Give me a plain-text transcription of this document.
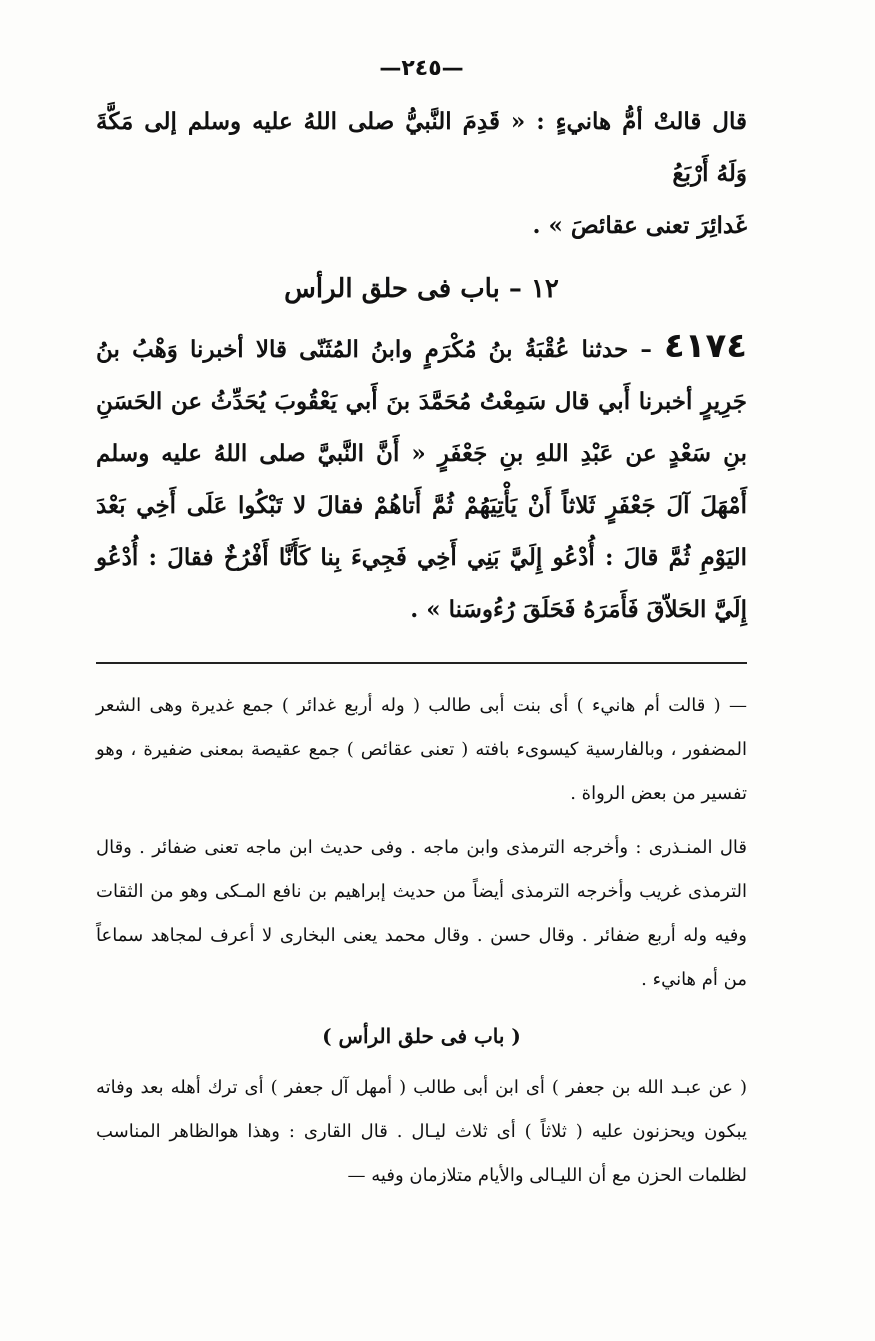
—٢٤٥—

قال قالتْ أمُّ هانيءٍ : « قَدِمَ النَّبيُّ صلى اللهُ عليه وسلم إلى مَكَّةَ وَلَهُ أَرْبَعُ

غَدائِرَ تعنى عقائصَ » .

١٢ – باب فى حلق الرأس

٤١٧٤ – حدثنا عُقْبَةُ بنُ مُكْرَمٍ وابنُ المُثَنّى قالا أخبرنا وَهْبُ بنُ جَرِيرٍ أخبرنا أَبي قال سَمِعْتُ مُحَمَّدَ بنَ أَبي يَعْقُوبَ يُحَدِّثُ عن الحَسَنِ بنِ سَعْدٍ عن عَبْدِ اللهِ بنِ جَعْفَرٍ « أَنَّ النَّبيَّ صلى اللهُ عليه وسلم أَمْهَلَ آلَ جَعْفَرٍ ثَلاثاً أَنْ يَأْتِيَهُمْ ثُمَّ أَتاهُمْ فقالَ لا تَبْكُوا عَلَى أَخِي بَعْدَ اليَوْمِ ثُمَّ قالَ : أُدْعُو إِلَيَّ بَنِي أَخِي فَجِيءَ بِنا كَأَنَّا أَفْرُخٌ فقالَ : أُدْعُو إِلَيَّ الحَلاّقَ فَأَمَرَهُ فَحَلَقَ رُءُوسَنا » .

— ( قالت أم هانيء ) أى بنت أبى طالب ( وله أربع غدائر ) جمع غديرة وهى الشعر المضفور ، وبالفارسية كيسوىء بافته ( تعنى عقائص ) جمع عقيصة بمعنى ضفيرة ، وهو تفسير من بعض الرواة .

قال المنـذرى : وأخرجه الترمذى وابن ماجه . وفى حديث ابن ماجه تعنى ضفائر . وقال الترمذى غريب وأخرجه الترمذى أيضاً من حديث إبراهيم بن نافع المـكى وهو من الثقات وفيه وله أربع ضفائر . وقال حسن . وقال محمد يعنى البخارى لا أعرف لمجاهد سماعاً من أم هانيء .

( باب فى حلق الرأس )

( عن عبـد الله بن جعفر ) أى ابن أبى طالب ( أمهل آل جعفر ) أى ترك أهله بعد وفاته يبكون ويحزنون عليه ( ثلاثاً ) أى ثلاث ليـال . قال القارى : وهذا هوالظاهر المناسب لظلمات الحزن مع أن الليـالى والأيام متلازمان وفيه —
